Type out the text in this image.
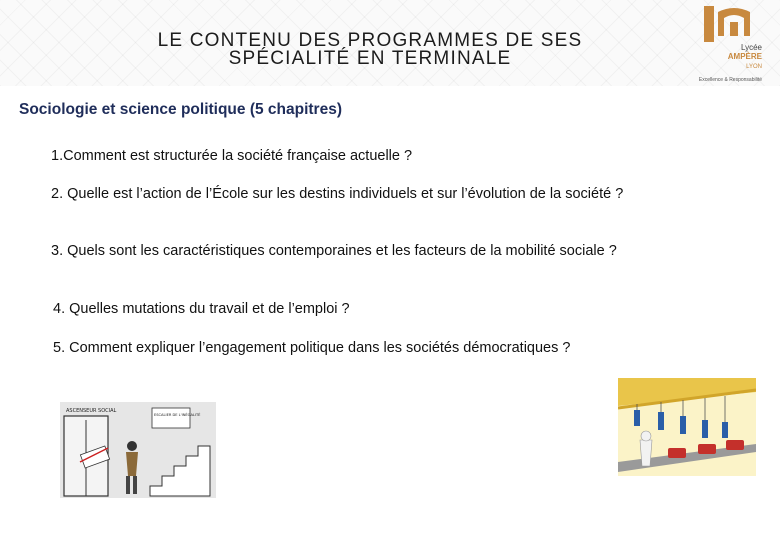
LE CONTENU DES PROGRAMMES DE SES
SPÉCIALITÉ EN TERMINALE
Lycée
AMPÈRE
LYON
Excellence & Responsabilité
Sociologie et science politique (5 chapitres)
1.Comment est structurée la société française actuelle ?
2. Quelle est l’action de l’École sur les destins individuels et sur l’évolution de la société ?
3. Quels sont les caractéristiques contemporaines et les facteurs de la mobilité sociale ?
4. Quelles mutations du travail et de l’emploi ?
5. Comment expliquer l’engagement politique dans les sociétés démocratiques ?
ASCENSEUR SOCIAL
ESCALIER DE L'INÉGALITÉ
